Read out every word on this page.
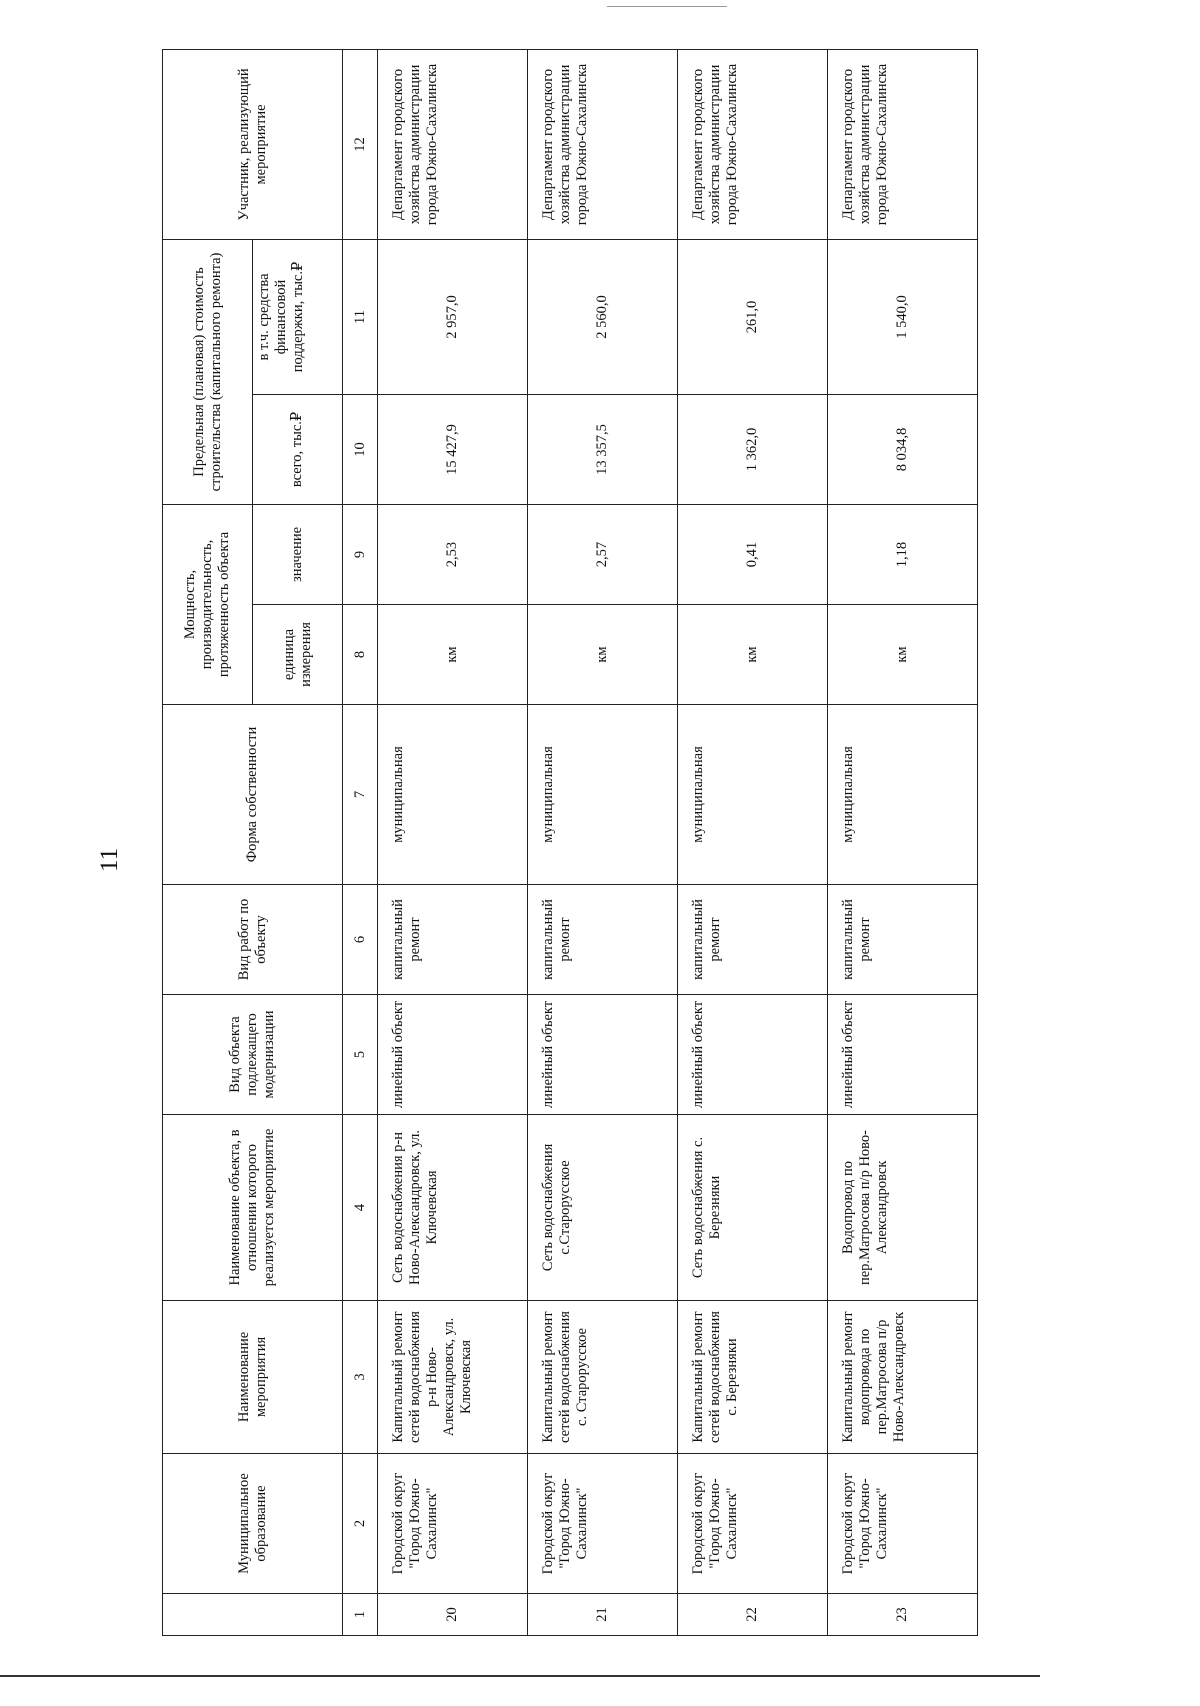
11
	Муниципальное образование	Наименование мероприятия	Наименование объекта, в отношении которого реализуется мероприятие	Вид объекта подлежащего модернизации	Вид работ по объекту	Форма собственности	Мощность, производительность, протяженность объекта		Предельная (плановая) стоимость строительства (капитального ремонта)		Участник, реализующий мероприятие
							единица измерения	значение	всего, тыс.₽	в т.ч. средства финансовой поддержки, тыс.₽	
1	2	3	4	5	6	7	8	9	10	11	12
20	Городской округ "Город Южно-Сахалинск"	Капитальный ремонт сетей водоснабжения р-н Ново-Александровск, ул. Ключевская	Сеть водоснабжения р-н Ново-Александровск, ул. Ключевская	линейный объект	капитальный ремонт	муниципальная	км	2,53	15 427,9	2 957,0	Департамент городского хозяйства администрации города Южно-Сахалинска
21	Городской округ "Город Южно-Сахалинск"	Капитальный ремонт сетей водоснабжения с. Старорусское	Сеть водоснабжения с.Старорусское	линейный объект	капитальный ремонт	муниципальная	км	2,57	13 357,5	2 560,0	Департамент городского хозяйства администрации города Южно-Сахалинска
22	Городской округ "Город Южно-Сахалинск"	Капитальный ремонт сетей водоснабжения с. Березняки	Сеть водоснабжения с. Березняки	линейный объект	капитальный ремонт	муниципальная	км	0,41	1 362,0	261,0	Департамент городского хозяйства администрации города Южно-Сахалинска
23	Городской округ "Город Южно-Сахалинск"	Капитальный ремонт водопровода по пер.Матросова п/р Ново-Александровск	Водопровод по пер.Матросова п/р Ново-Александровск	линейный объект	капитальный ремонт	муниципальная	км	1,18	8 034,8	1 540,0	Департамент городского хозяйства администрации города Южно-Сахалинска
